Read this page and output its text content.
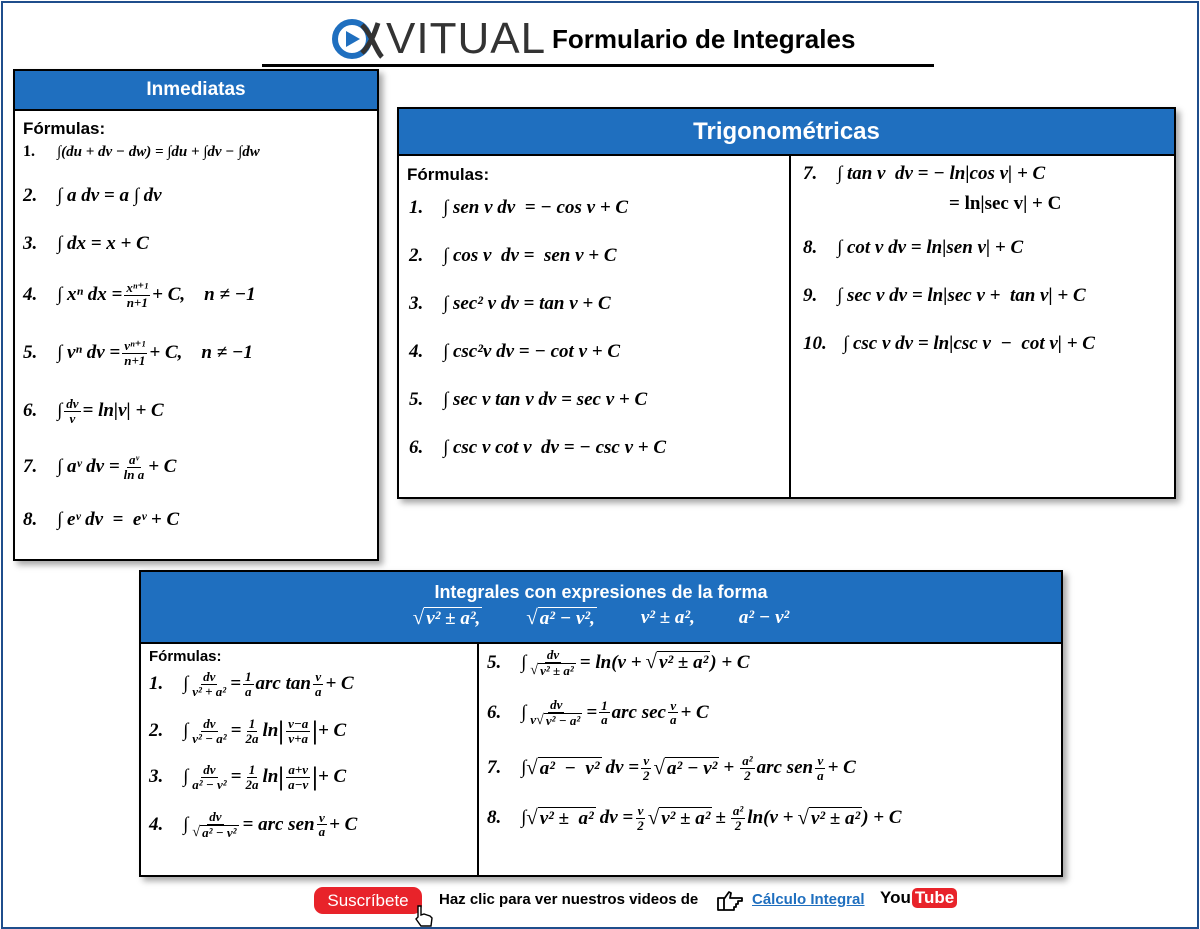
VITUAL Formulario de Integrales
Inmediatas
Fórmulas:
1.	∫(du + dv − dw) = ∫du + ∫dv − ∫dw
2.	∫ a dv = a ∫ dv
3.	∫ dx = x + C
4.	∫ xⁿ dx = $\frac{\text{xⁿ⁺¹}}{n+1} + C$,    n ≠ −1
5.	∫ vⁿ dv = $\frac{\text{vⁿ⁺¹}}{n+1} + C$,    n ≠ −1
6.	∫ $\frac{dv}{v} = \ln|v| + C$
7.	∫ aᵛ dv = $\frac{\text{aᵛ}}{\text{ln a}} + C$
8.	∫ eᵛ dv  =  eᵛ + C
Trigonométricas
Fórmulas:
1.	∫ sen v dv  = − cos v + C
2.	∫ cos v  dv =  sen v + C
3.	∫ sec² v dv = tan v + C
4.	∫ csc²v dv = − cot v + C
5.	∫ sec v tan v dv = sec v + C
6.	∫ csc v cot v  dv = − csc v + C
7.	∫ tan v  dv = − ln|cos v| + C
= ln|sec v| + C
8.	∫ cot v dv = ln|sen v| + C
9.	∫ sec v dv = ln|sec v +  tan v| + C
10. ∫ csc v dv = ln|csc v  −  cot v| + C
Integrales con expresiones de la forma
√ v² ± a², √ a² − v², v² ± a², a² − v²
Fórmulas:
1.	∫ $\frac{dv}{\text{v² + a²}} = \frac{1}{a}$ arc $\tan \frac{v}{a} + C$
2.	∫ $\frac{dv}{\text{v² − a²}} = \frac{1}{2a}$ ln | $\frac{v-a}{v+a}$ | + C
3.	∫ $\frac{dv}{\text{a² − v²}} = \frac{1}{2a}$ ln | $\frac{a+v}{a-v}$ | + C
4.	∫ $\frac{dv}{\text{√ a² − v²}}$ = arc sen $\frac{v}{a} + C$
5.	∫ $\frac{dv}{\text{√ v² ± a²}} = \ln(v$ + √ v² ± a² ) + C
6.	∫ $\frac{dv}{\text{v √ v² − a²}} = \frac{1}{a}$ arc $\sec \frac{v}{a} + C$
7.	∫ √ a²  −  v² dv = $\frac{v}{2}$ √ $a^2 - v^2 + \frac{\text{a²}}{2}$ arc sen $\frac{v}{a} + C$
8.	∫ √ v² ±  a² dv = $\frac{v}{2}$ √ $v^2 \pm a^2 \pm \frac{\text{a²}}{2} \ln(v$ + √ v² ± a² ) + C
Suscríbete	Haz clic para ver nuestros videos de	Cálculo Integral You Tube
